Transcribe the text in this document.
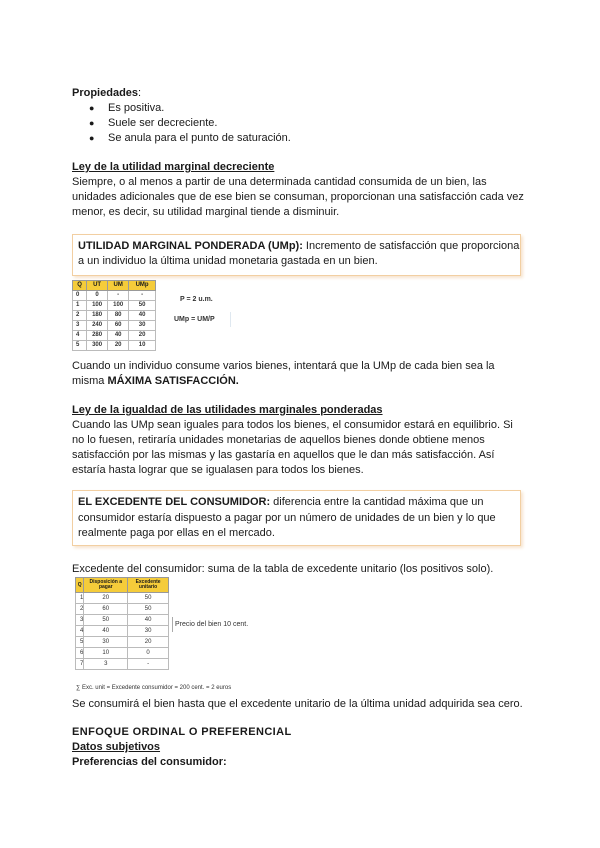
Propiedades:
● Es positiva.
● Suele ser decreciente.
● Se anula para el punto de saturación.
Ley de la utilidad marginal decreciente
Siempre, o al menos a partir de una determinada cantidad consumida de un bien, las unidades adicionales que de ese bien se consuman, proporcionan una satisfacción cada vez menor, es decir, su utilidad marginal tiende a disminuir.
UTILIDAD MARGINAL PONDERADA (UMp): Incremento de satisfacción que proporciona a un individuo la última unidad monetaria gastada en un bien.
Q	UT	UM	UMp
0	0	-	-
1	100	100	50
2	180	80	40
3	240	60	30
4	280	40	20
5	300	20	10
P = 2 u.m.
UMp = UM/P
Cuando un individuo consume varios bienes, intentará que la UMp de cada bien sea la misma MÁXIMA SATISFACCIÓN.
Ley de la igualdad de las utilidades marginales ponderadas
Cuando las UMp sean iguales para todos los bienes, el consumidor estará en equilibrio. Si no lo fuesen, retiraría unidades monetarias de aquellos bienes donde obtiene menos satisfacción por las mismas y las gastaría en aquellos que le dan más satisfacción. Así estaría hasta lograr que se igualasen para todos los bienes.
EL EXCEDENTE DEL CONSUMIDOR: diferencia entre la cantidad máxima que un consumidor estaría dispuesto a pagar por un número de unidades de un bien y lo que realmente paga por ellas en el mercado.
Excedente del consumidor: suma de la tabla de excedente unitario (los positivos solo).
Q	Disposición a pagar	Excedente unitario
1	20	50
2	60	50
3	50	40
4	40	30
5	30	20
6	10	0
7	3	-
Precio del bien 10 cent.
∑ Exc. unit = Excedente consumidor = 200 cent. = 2 euros
Se consumirá el bien hasta que el excedente unitario de la última unidad adquirida sea cero.
ENFOQUE ORDINAL O PREFERENCIAL
Datos subjetivos
Preferencias del consumidor:
